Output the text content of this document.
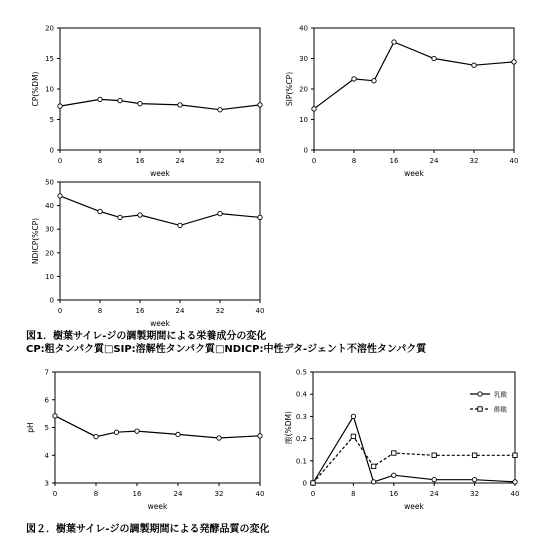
0
5
10
15
20
0	8	16	24	32	40
week
CP(%DM)
0
10
20
30
40
0	8	16	24	32	40
week
SIP(%CP)
0
10
20
30
40
50
0	8	16	24	32	40
week
NDICP(%CP)
3
4
5
6
7
0	8	16	24	32	40
week
pH
0
0.1
0.2
0.3
0.4
0.5
0	8	16	24	32	40
week
酸(%DM)
乳酸
酢酸
図1．樹葉サイレ-ジの調製期間による栄養成分の変化
CP:粗タンパク質□SIP:溶解性タンパク質□NDICP:中性デタ-ジェント不溶性タンパク質
図２．樹葉サイレ-ジの調製期間による発酵品質の変化
